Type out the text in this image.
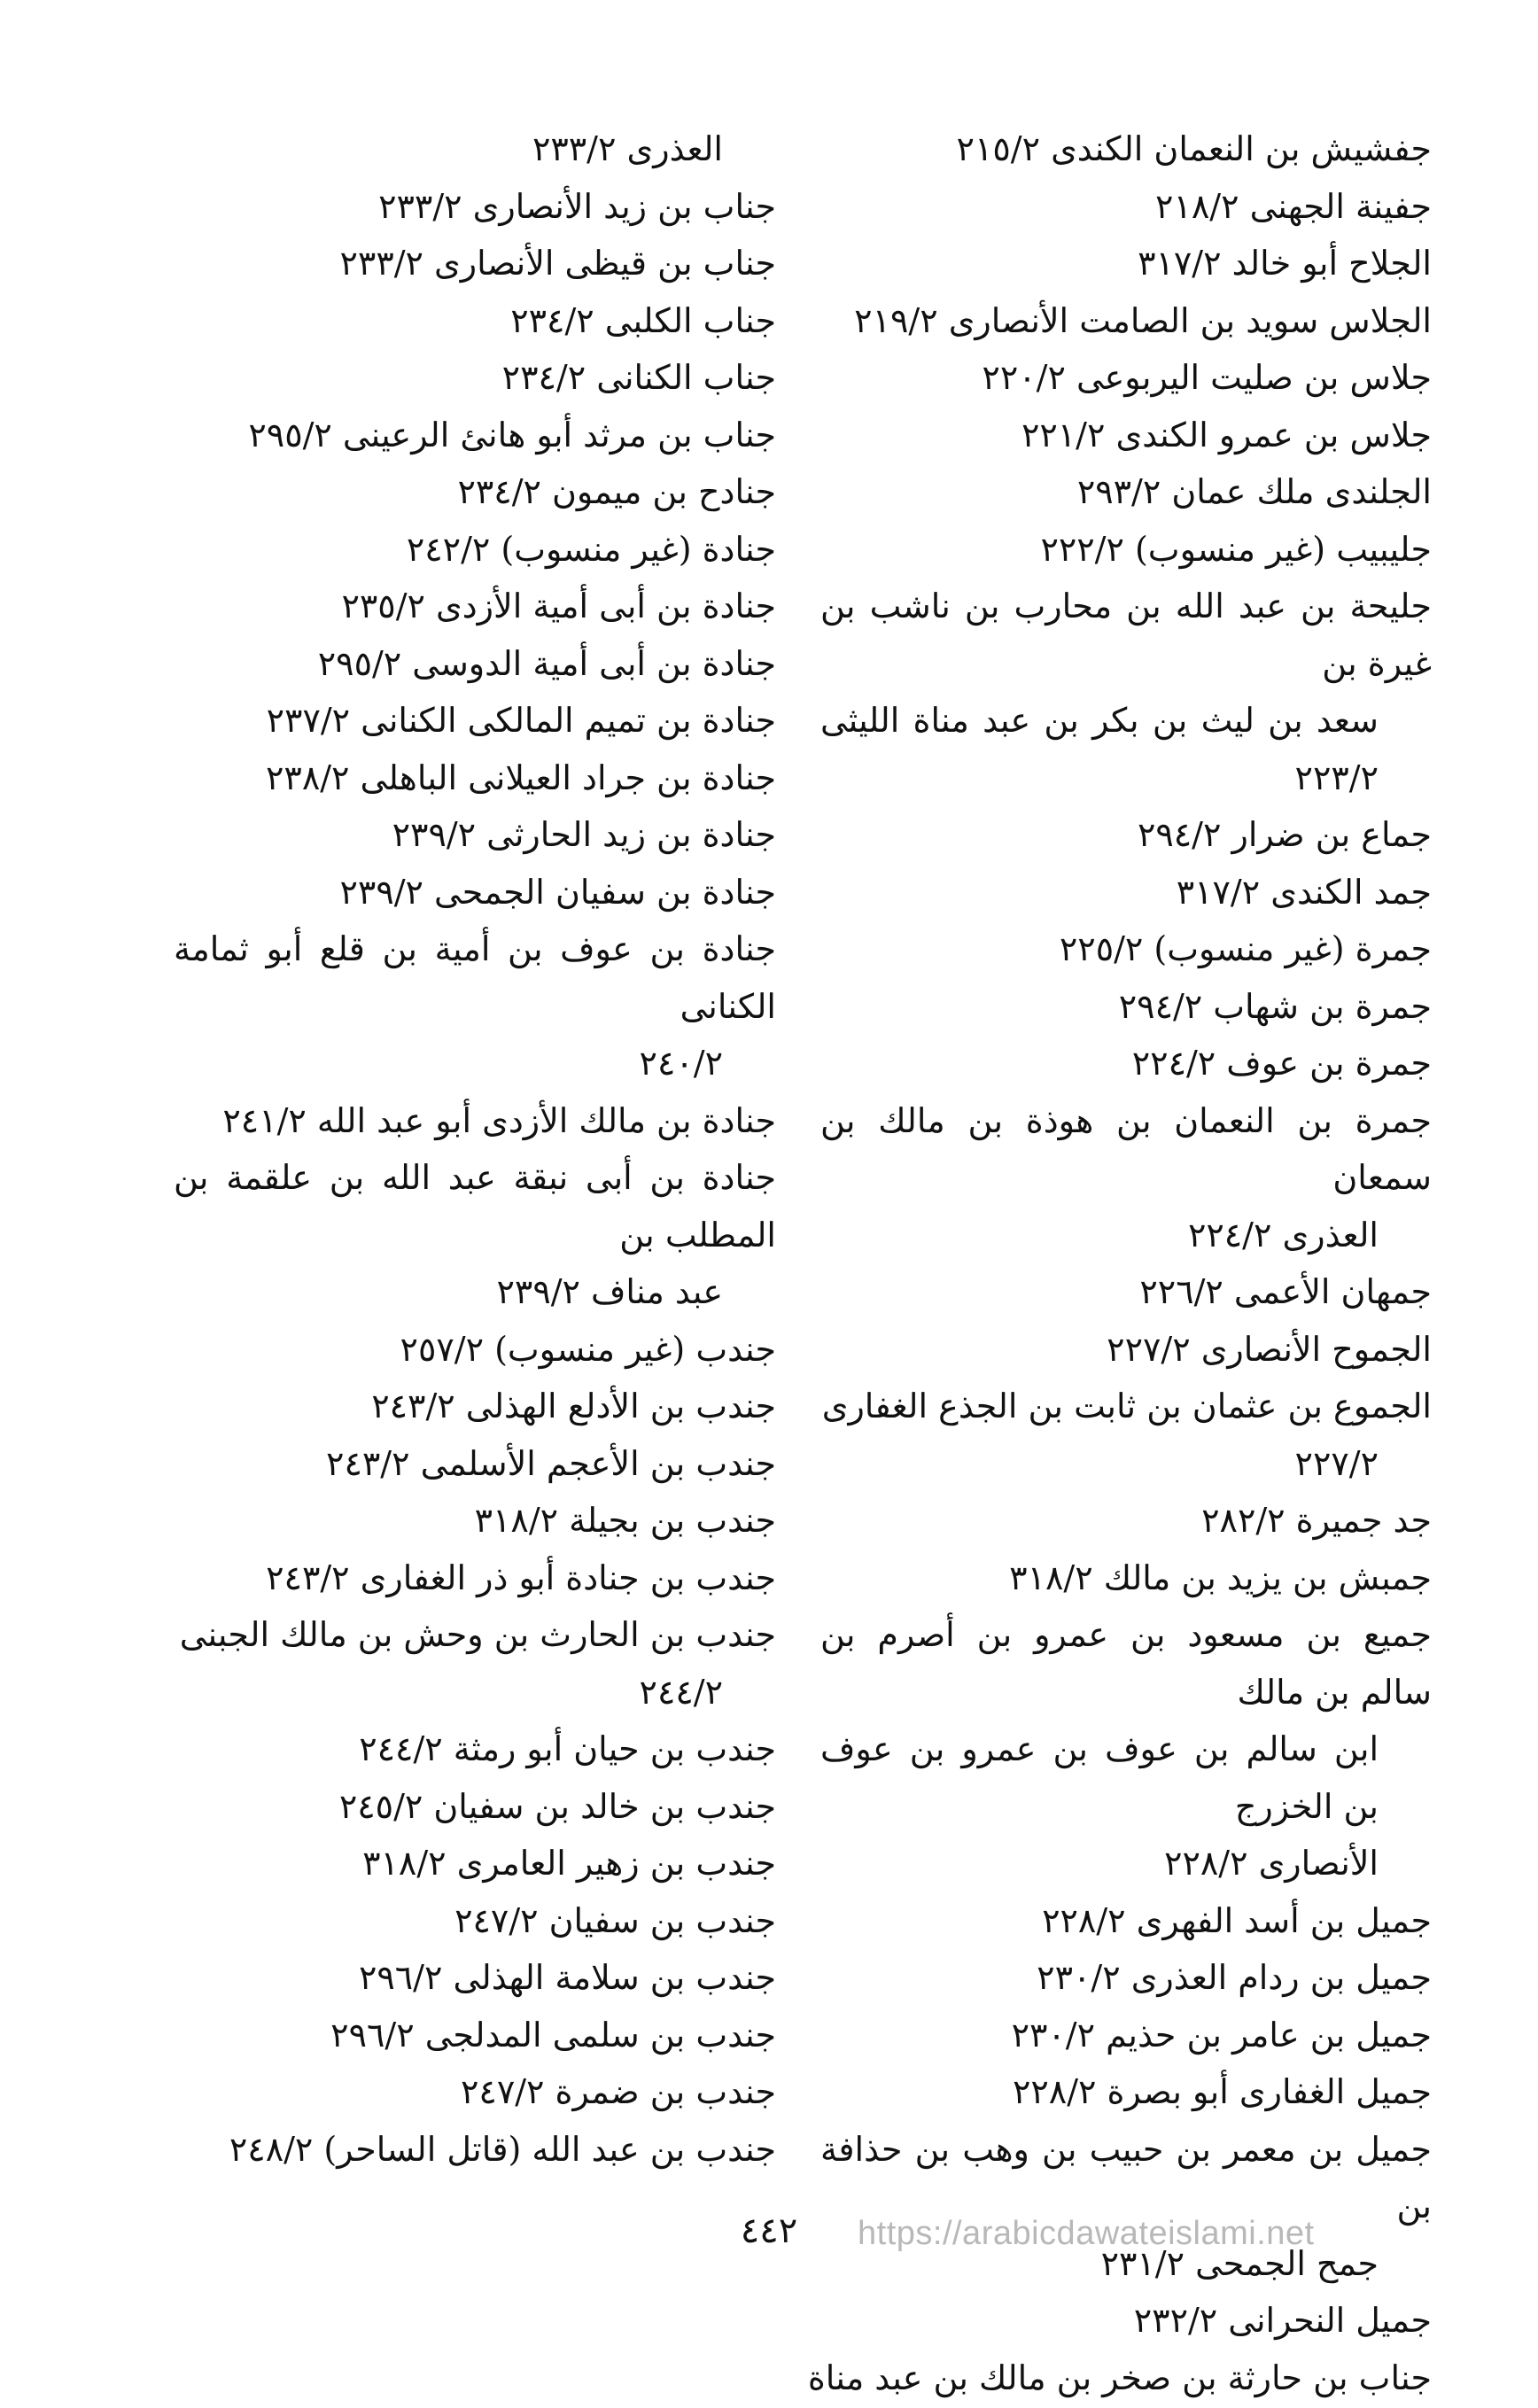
جفشيش بن النعمان الكندى ٢١٥/٢
جفينة الجهنى ٢١٨/٢
الجلاح أبو خالد ٣١٧/٢
الجلاس سويد بن الصامت الأنصارى ٢١٩/٢
جلاس بن صليت اليربوعى ٢٢٠/٢
جلاس بن عمرو الكندى ٢٢١/٢
الجلندى ملك عمان ٢٩٣/٢
جليبيب (غير منسوب) ٢٢٢/٢
جليحة بن عبد الله بن محارب بن ناشب بن غيرة بن
سعد بن ليث بن بكر بن عبد مناة الليثى ٢٢٣/٢
جماع بن ضرار ٢٩٤/٢
جمد الكندى ٣١٧/٢
جمرة (غير منسوب) ٢٢٥/٢
جمرة بن شهاب ٢٩٤/٢
جمرة بن عوف ٢٢٤/٢
جمرة بن النعمان بن هوذة بن مالك بن سمعان
العذرى ٢٢٤/٢
جمهان الأعمى ٢٢٦/٢
الجموح الأنصارى ٢٢٧/٢
الجموع بن عثمان بن ثابت بن الجذع الغفارى
٢٢٧/٢
جد جميرة ٢٨٢/٢
جمبش بن يزيد بن مالك ٣١٨/٢
جميع بن مسعود بن عمرو بن أصرم بن سالم بن مالك
ابن سالم بن عوف بن عمرو بن عوف بن الخزرج
الأنصارى ٢٢٨/٢
جميل بن أسد الفهرى ٢٢٨/٢
جميل بن ردام العذرى ٢٣٠/٢
جميل بن عامر بن حذيم ٢٣٠/٢
جميل الغفارى أبو بصرة ٢٢٨/٢
جميل بن معمر بن حبيب بن وهب بن حذافة بن
جمح الجمحى ٢٣١/٢
جميل النحرانى ٢٣٢/٢
جناب بن حارثة بن صخر بن مالك بن عبد مناة
العذرى ٢٣٣/٢
جناب بن زيد الأنصارى ٢٣٣/٢
جناب بن قيظى الأنصارى ٢٣٣/٢
جناب الكلبى ٢٣٤/٢
جناب الكنانى ٢٣٤/٢
جناب بن مرثد أبو هانئ الرعينى ٢٩٥/٢
جنادح بن ميمون ٢٣٤/٢
جنادة (غير منسوب) ٢٤٢/٢
جنادة بن أبى أمية الأزدى ٢٣٥/٢
جنادة بن أبى أمية الدوسى ٢٩٥/٢
جنادة بن تميم المالكى الكنانى ٢٣٧/٢
جنادة بن جراد العيلانى الباهلى ٢٣٨/٢
جنادة بن زيد الحارثى ٢٣٩/٢
جنادة بن سفيان الجمحى ٢٣٩/٢
جنادة بن عوف بن أمية بن قلع أبو ثمامة الكنانى
٢٤٠/٢
جنادة بن مالك الأزدى أبو عبد الله ٢٤١/٢
جنادة بن أبى نبقة عبد الله بن علقمة بن المطلب بن
عبد مناف ٢٣٩/٢
جندب (غير منسوب) ٢٥٧/٢
جندب بن الأدلع الهذلى ٢٤٣/٢
جندب بن الأعجم الأسلمى ٢٤٣/٢
جندب بن بجيلة ٣١٨/٢
جندب بن جنادة أبو ذر الغفارى ٢٤٣/٢
جندب بن الحارث بن وحش بن مالك الجبنى
٢٤٤/٢
جندب بن حيان أبو رمثة ٢٤٤/٢
جندب بن خالد بن سفيان ٢٤٥/٢
جندب بن زهير العامرى ٣١٨/٢
جندب بن سفيان ٢٤٧/٢
جندب بن سلامة الهذلى ٢٩٦/٢
جندب بن سلمى المدلجى ٢٩٦/٢
جندب بن ضمرة ٢٤٧/٢
جندب بن عبد الله (قاتل الساحر) ٢٤٨/٢
٤٤٢	https://arabicdawateislami.net
